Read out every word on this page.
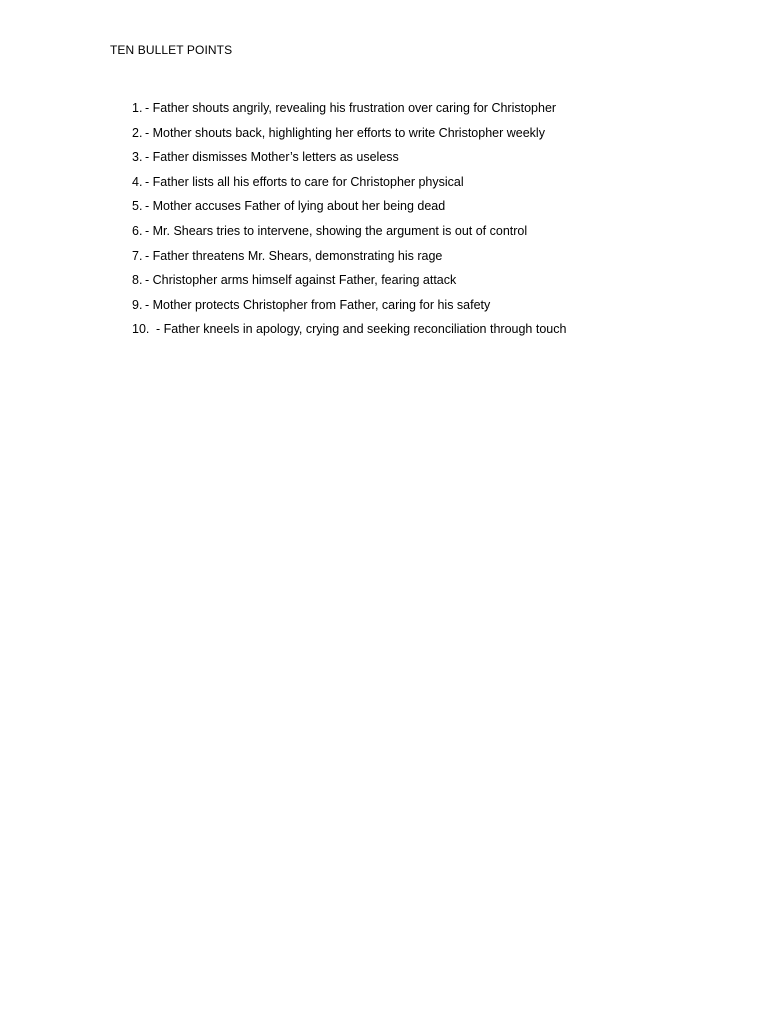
TEN BULLET POINTS
1. - Father shouts angrily, revealing his frustration over caring for Christopher
2. - Mother shouts back, highlighting her efforts to write Christopher weekly
3. - Father dismisses Mother’s letters as useless
4. - Father lists all his efforts to care for Christopher physical
5. - Mother accuses Father of lying about her being dead
6. - Mr. Shears tries to intervene, showing the argument is out of control
7. - Father threatens Mr. Shears, demonstrating his rage
8. - Christopher arms himself against Father, fearing attack
9. - Mother protects Christopher from Father, caring for his safety
10. - Father kneels in apology, crying and seeking reconciliation through touch
